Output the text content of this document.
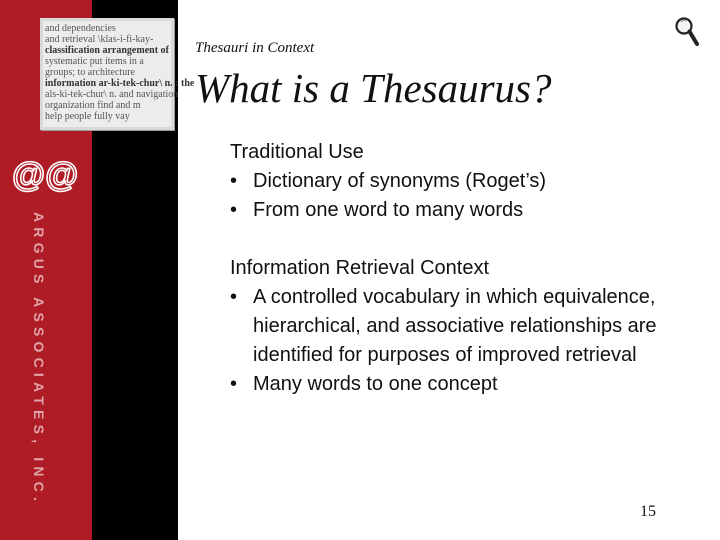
and dependencies
and retrieval \klas-i-fi-kay-
classification arrangement of
systematic put items in a
groups; to architecture
information ar-ki-tek-chur\ n. : the
als-ki-tek-chur\ n. and navigation
organization find and m
help people fully vay
@@
ARGUS ASSOCIATES, INC.
Thesauri in Context
What is a Thesaurus?

Traditional Use

• Dictionary of synonyms (Roget’s)
• From one word to many words

Information Retrieval Context

• A controlled vocabulary in which equivalence, hierarchical, and associative relationships are identified for purposes of improved retrieval
• Many words to one concept
15
